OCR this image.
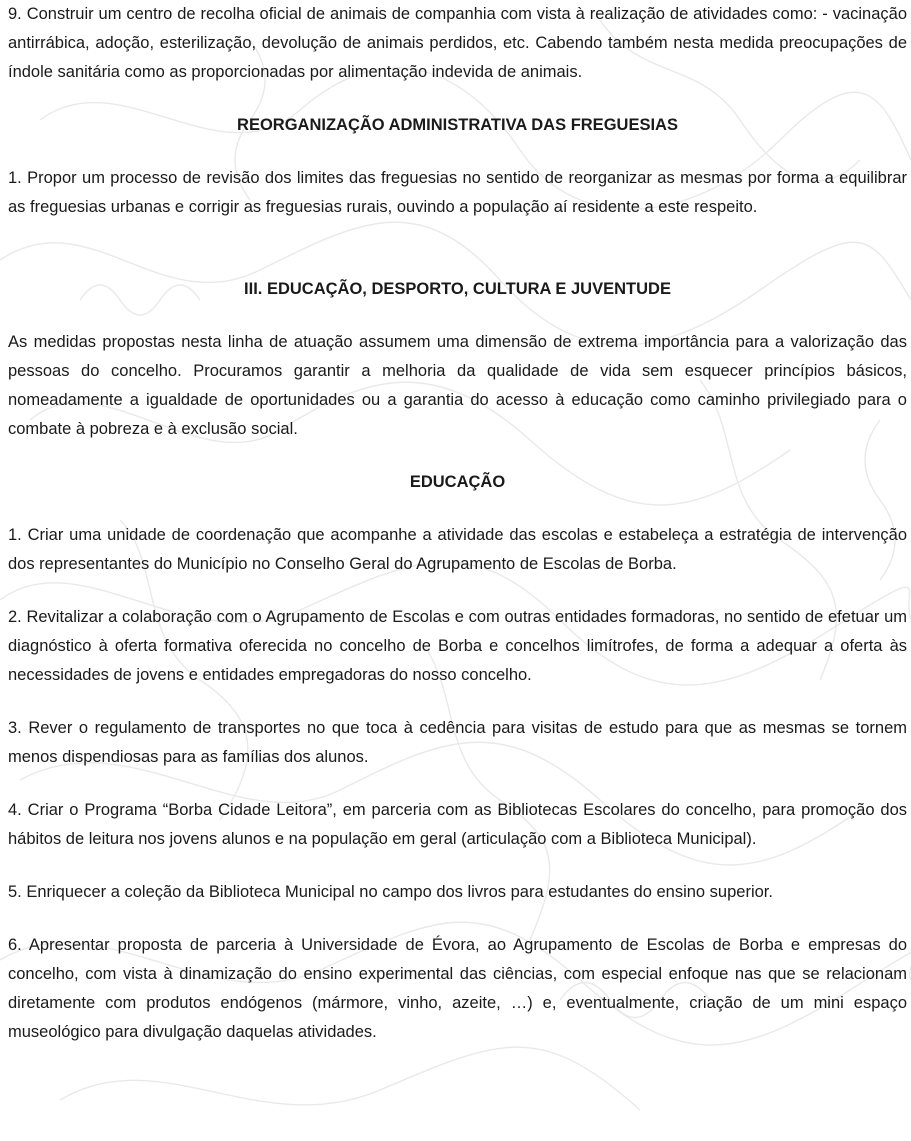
9. Construir um centro de recolha oficial de animais de companhia com vista à realização de atividades como: - vacinação antirrábica, adoção, esterilização, devolução de animais perdidos, etc. Cabendo também nesta medida preocupações de índole sanitária como as proporcionadas por alimentação indevida de animais.

REORGANIZAÇÃO ADMINISTRATIVA DAS FREGUESIAS

1. Propor um processo de revisão dos limites das freguesias no sentido de reorganizar as mesmas por forma a equilibrar as freguesias urbanas e corrigir as freguesias rurais, ouvindo a população aí residente a este respeito.

III. EDUCAÇÃO, DESPORTO, CULTURA E JUVENTUDE

As medidas propostas nesta linha de atuação assumem uma dimensão de extrema importância para a valorização das pessoas do concelho. Procuramos garantir a melhoria da qualidade de vida sem esquecer princípios básicos, nomeadamente a igualdade de oportunidades ou a garantia do acesso à educação como caminho privilegiado para o combate à pobreza e à exclusão social.

EDUCAÇÃO

1. Criar uma unidade de coordenação que acompanhe a atividade das escolas e estabeleça a estratégia de intervenção dos representantes do Município no Conselho Geral do Agrupamento de Escolas de Borba.

2. Revitalizar a colaboração com o Agrupamento de Escolas e com outras entidades formadoras, no sentido de efetuar um diagnóstico à oferta formativa oferecida no concelho de Borba e concelhos limítrofes, de forma a adequar a oferta às necessidades de jovens e entidades empregadoras do nosso concelho.

3. Rever o regulamento de transportes no que toca à cedência para visitas de estudo para que as mesmas se tornem menos dispendiosas para as famílias dos alunos.

4. Criar o Programa “Borba Cidade Leitora”, em parceria com as Bibliotecas Escolares do concelho, para promoção dos hábitos de leitura nos jovens alunos e na população em geral (articulação com a Biblioteca Municipal).

5. Enriquecer a coleção da Biblioteca Municipal no campo dos livros para estudantes do ensino superior.

6. Apresentar proposta de parceria à Universidade de Évora, ao Agrupamento de Escolas de Borba e empresas do concelho, com vista à dinamização do ensino experimental das ciências, com especial enfoque nas que se relacionam diretamente com produtos endógenos (mármore, vinho, azeite, …) e, eventualmente, criação de um mini espaço museológico para divulgação daquelas atividades.
